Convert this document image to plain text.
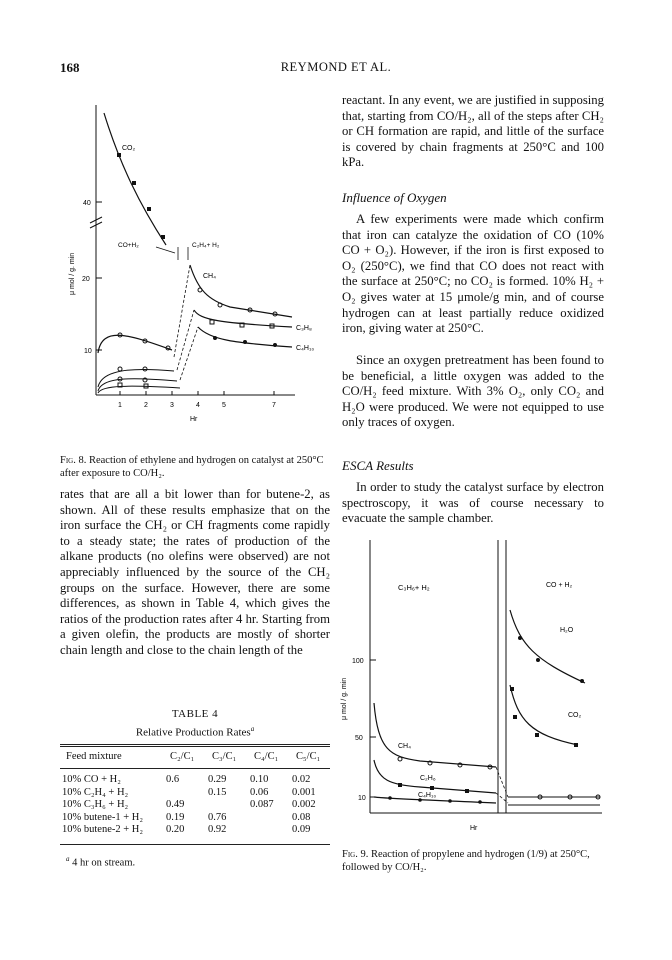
168	REYMOND ET AL.
40
20
10
μ mol / g. min
1	2	3	4	5	7
Hr
CO₂
CO+H₂	C₂H₄+ H₂
CH₄
C₃H₈
C₄H₁₀
Fig. 8. Reaction of ethylene and hydrogen on catalyst at 250°C after exposure to CO/H₂.

rates that are all a bit lower than for butene-2, as shown. All of these results emphasize that on the iron surface the CH₂ or CH fragments come rapidly to a steady state; the rates of production of the alkane products (no olefins were observed) are not appreciably influenced by the source of the CH₂ groups on the surface. However, there are some differences, as shown in Table 4, which gives the ratios of the production rates after 4 hr. Starting from a given olefin, the products are mostly of shorter chain length and close to the chain length of the

TABLE 4
Relative Production Rates$^a$
Feed mixture	C₂/C₁	C₃/C₁	C₄/C₁	C₅/C₁
10% CO + H₂	0.6	0.29	0.10	0.02
10% C₂H₄ + H₂		0.15	0.06	0.001
10% C₃H₆ + H₂	0.49		0.087	0.002
10% butene-1 + H₂	0.19	0.76		0.08
10% butene-2 + H₂	0.20	0.92		0.09
$^a$ 4 hr on stream.

reactant. In any event, we are justified in supposing that, starting from CO/H₂, all of the steps after CH₂ or CH formation are rapid, and little of the surface is covered by chain fragments at 250°C and 100 kPa.

Influence of Oxygen

A few experiments were made which confirm that iron can catalyze the oxidation of CO (10% CO + O₂). However, if the iron is first exposed to O₂ (250°C), we find that CO does not react with the surface at 250°C; no CO₂ is formed. 10% H₂ + O₂ gives water at 15 μmole/g min, and of course hydrogen can at least partially reduce oxidized iron, giving water at 250°C.

Since an oxygen pretreatment has been found to be beneficial, a little oxygen was added to the CO/H₂ feed mixture. With 3% O₂, only CO₂ and H₂O were produced. We were not equipped to use only traces of oxygen.

ESCA Results

In order to study the catalyst surface by electron spectroscopy, it was of course necessary to evacuate the sample chamber.

100
50
10
μ mol / g. min
Hr
C₃H₆+ H₂	CO + H₂
CH₄
C₂H₆
C₄H₁₀
H₂O
CO₂
Fig. 9. Reaction of propylene and hydrogen (1/9) at 250°C, followed by CO/H₂.
